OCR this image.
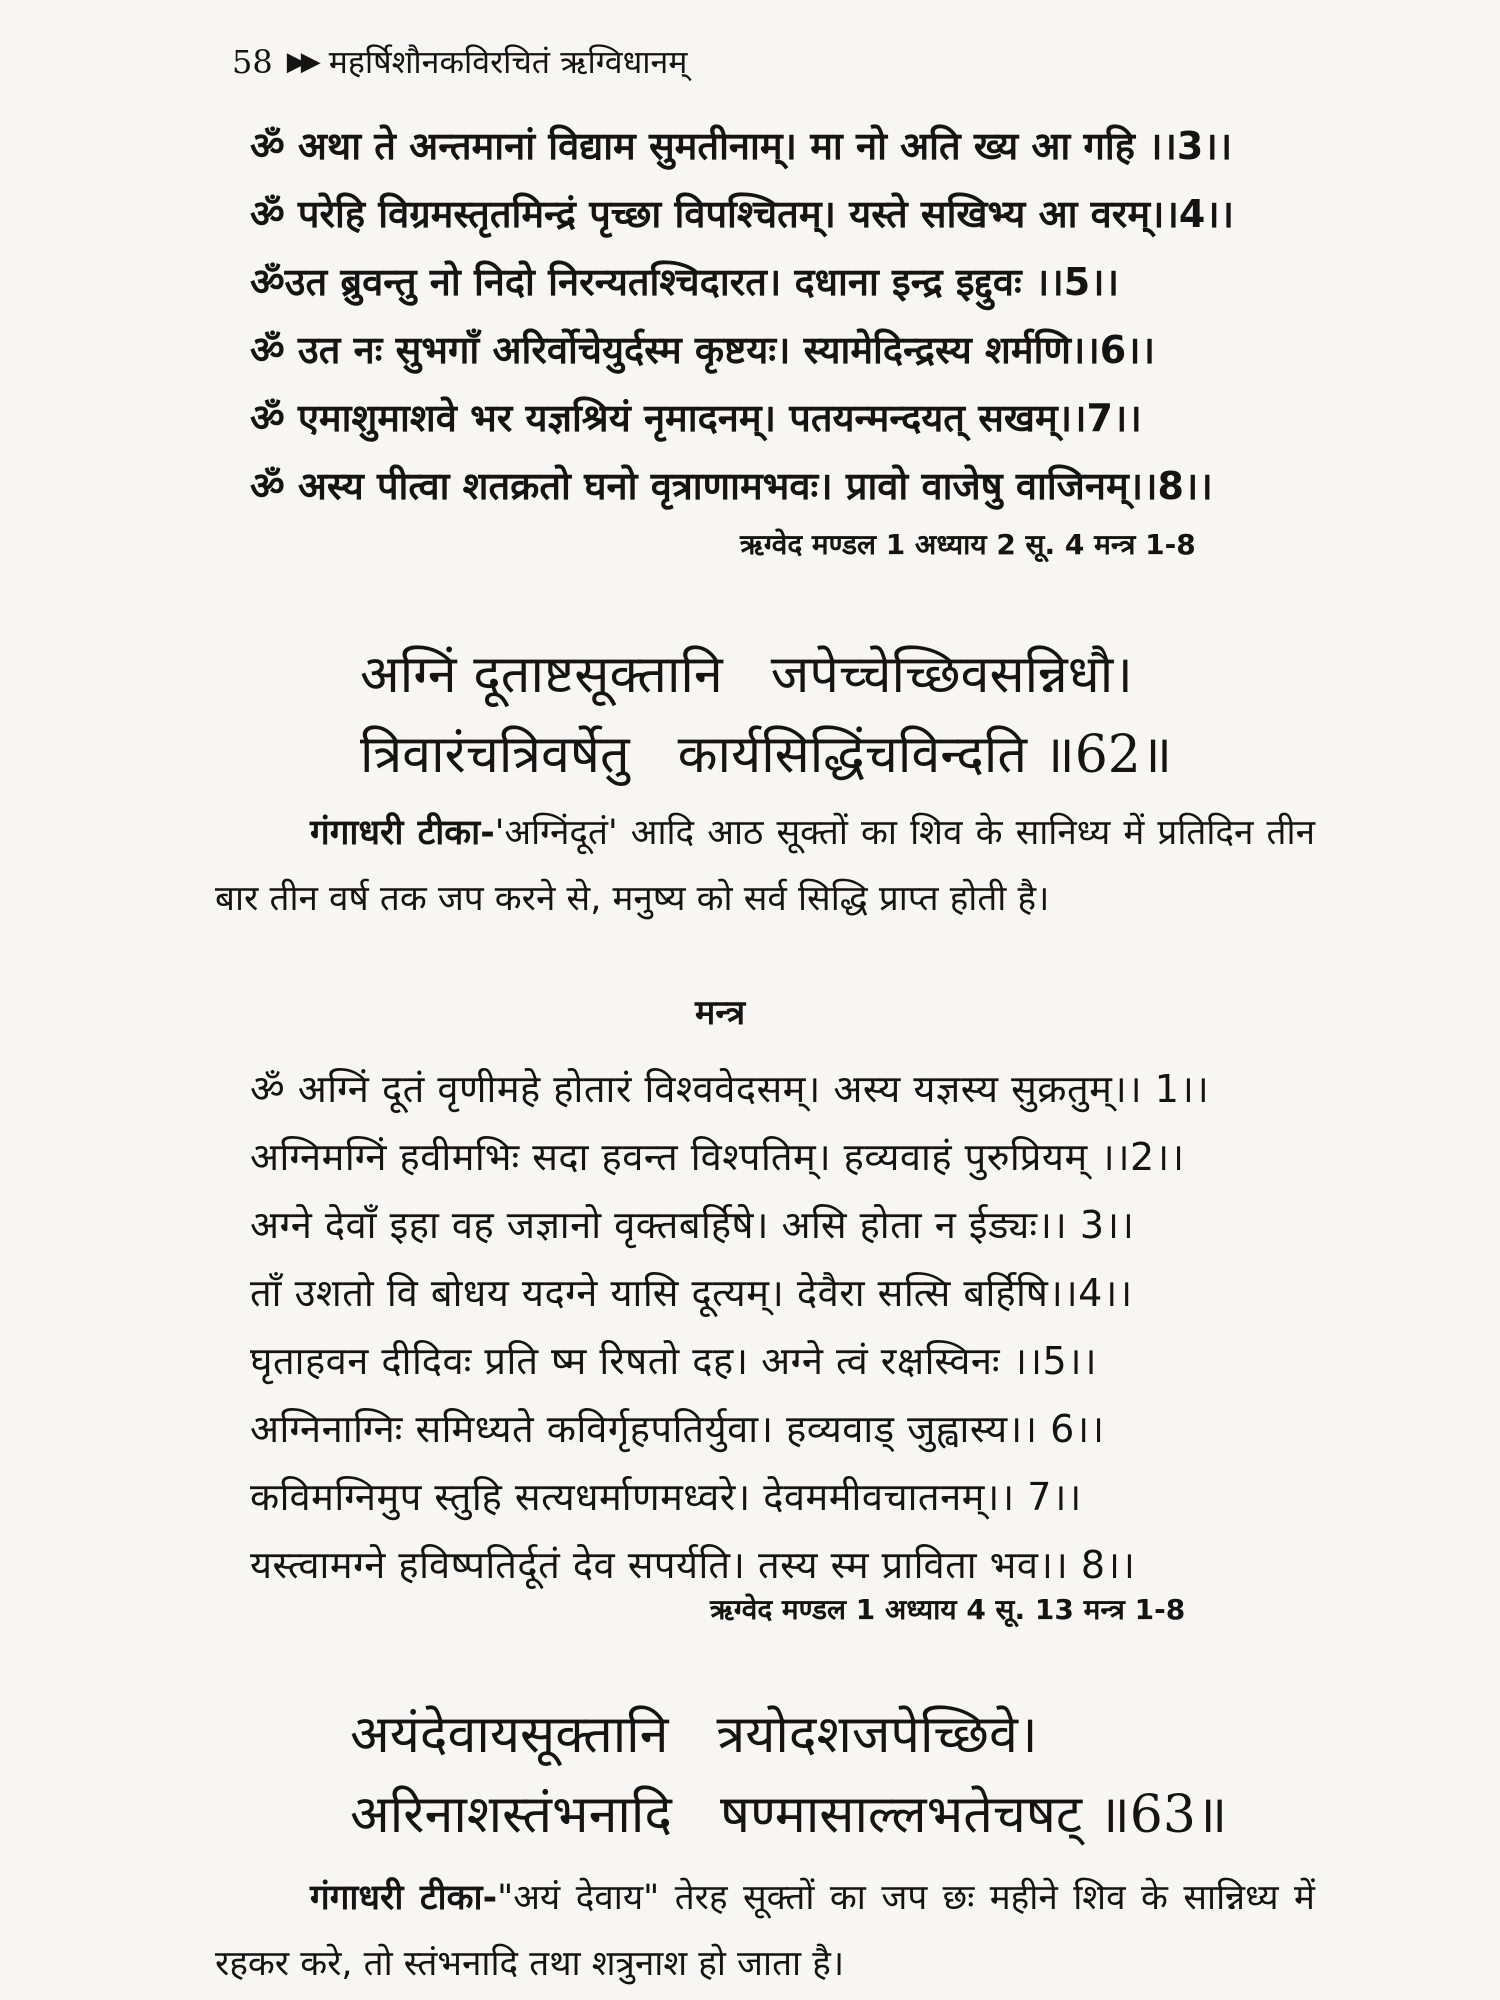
58 ▶▶ महर्षिशौनकविरचितं ऋग्विधानम्
ॐ अथा ते अन्तमानां विद्याम सुमतीनाम्। मा नो अति ख्य आ गहि ।।3।।
ॐ परेहि विग्रमस्तृतमिन्द्रं पृच्छा विपश्चितम्। यस्ते सखिभ्य आ वरम्।।4।।
ॐउत ब्रुवन्तु नो निदो निरन्यतश्चिदारत। दधाना इन्द्र इद्दुवः ।।5।।
ॐ उत नः सुभगाँ अरिर्वोचेयुर्दस्म कृष्टयः। स्यामेदिन्द्रस्य शर्मणि।।6।।
ॐ एमाशुमाशवे भर यज्ञश्रियं नृमादनम्। पतयन्मन्दयत् सखम्।।7।।
ॐ अस्य पीत्वा शतक्रतो घनो वृत्राणामभवः। प्रावो वाजेषु वाजिनम्।।8।।
ऋग्वेद मण्डल 1 अध्याय 2 सू. 4 मन्त्र 1-8
अग्निं दूताष्टसूक्तानि जपेच्चेच्छिवसन्निधौ।
त्रिवारंचत्रिवर्षेतु कार्यसिद्धिंचविन्दति ॥62॥
गंगाधरी टीका-'अग्निंदूतं' आदि आठ सूक्तों का शिव के सानिध्य में प्रतिदिन तीन बार तीन वर्ष तक जप करने से, मनुष्य को सर्व सिद्धि प्राप्त होती है।
मन्त्र
ॐ अग्निं दूतं वृणीमहे होतारं विश्ववेदसम्। अस्य यज्ञस्य सुक्रतुम्।। 1।।
अग्निमग्निं हवीमभिः सदा हवन्त विश्पतिम्। हव्यवाहं पुरुप्रियम् ।।2।।
अग्ने देवाँ इहा वह जज्ञानो वृक्तबर्हिषे। असि होता न ईड्यः।। 3।।
ताँ उशतो वि बोधय यदग्ने यासि दूत्यम्। देवैरा सत्सि बर्हिषि।।4।।
घृताहवन दीदिवः प्रति ष्म रिषतो दह। अग्ने त्वं रक्षस्विनः ।।5।।
अग्निनाग्निः समिध्यते कविर्गृहपतिर्युवा। हव्यवाड् जुह्वास्य।। 6।।
कविमग्निमुप स्तुहि सत्यधर्माणमध्वरे। देवममीवचातनम्।। 7।।
यस्त्वामग्ने हविष्पतिर्दूतं देव सपर्यति। तस्य स्म प्राविता भव।। 8।।
ऋग्वेद मण्डल 1 अध्याय 4 सू. 13 मन्त्र 1-8
अयंदेवायसूक्तानि त्रयोदशजपेच्छिवे।
अरिनाशस्तंभनादि षण्मासाल्लभतेचषट् ॥63॥
गंगाधरी टीका-"अयं देवाय" तेरह सूक्तों का जप छः महीने शिव के सान्निध्य में रहकर करे, तो स्तंभनादि तथा शत्रुनाश हो जाता है।
